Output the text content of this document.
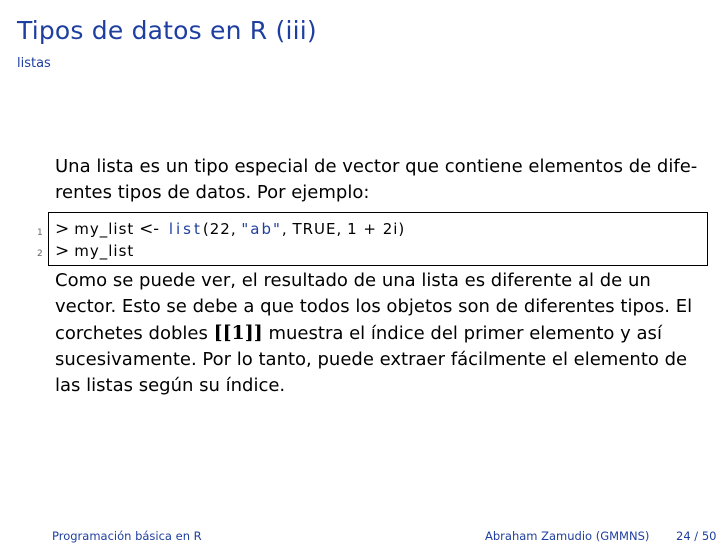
Tipos de datos en R (iii)
listas
Una lista es un tipo especial de vector que contiene elementos de dife-
rentes tipos de datos. Por ejemplo:
1
2
> my_list <- list(22, "ab", TRUE, 1 + 2i)
> my_list
Como se puede ver, el resultado de una lista es diferente al de un
vector. Esto se debe a que todos los objetos son de diferentes tipos. El
corchetes dobles [[1]] muestra el índice del primer elemento y así
sucesivamente. Por lo tanto, puede extraer fácilmente el elemento de
las listas según su índice.
Programación básica en R	Abraham Zamudio (GMMNS) 24 / 50
